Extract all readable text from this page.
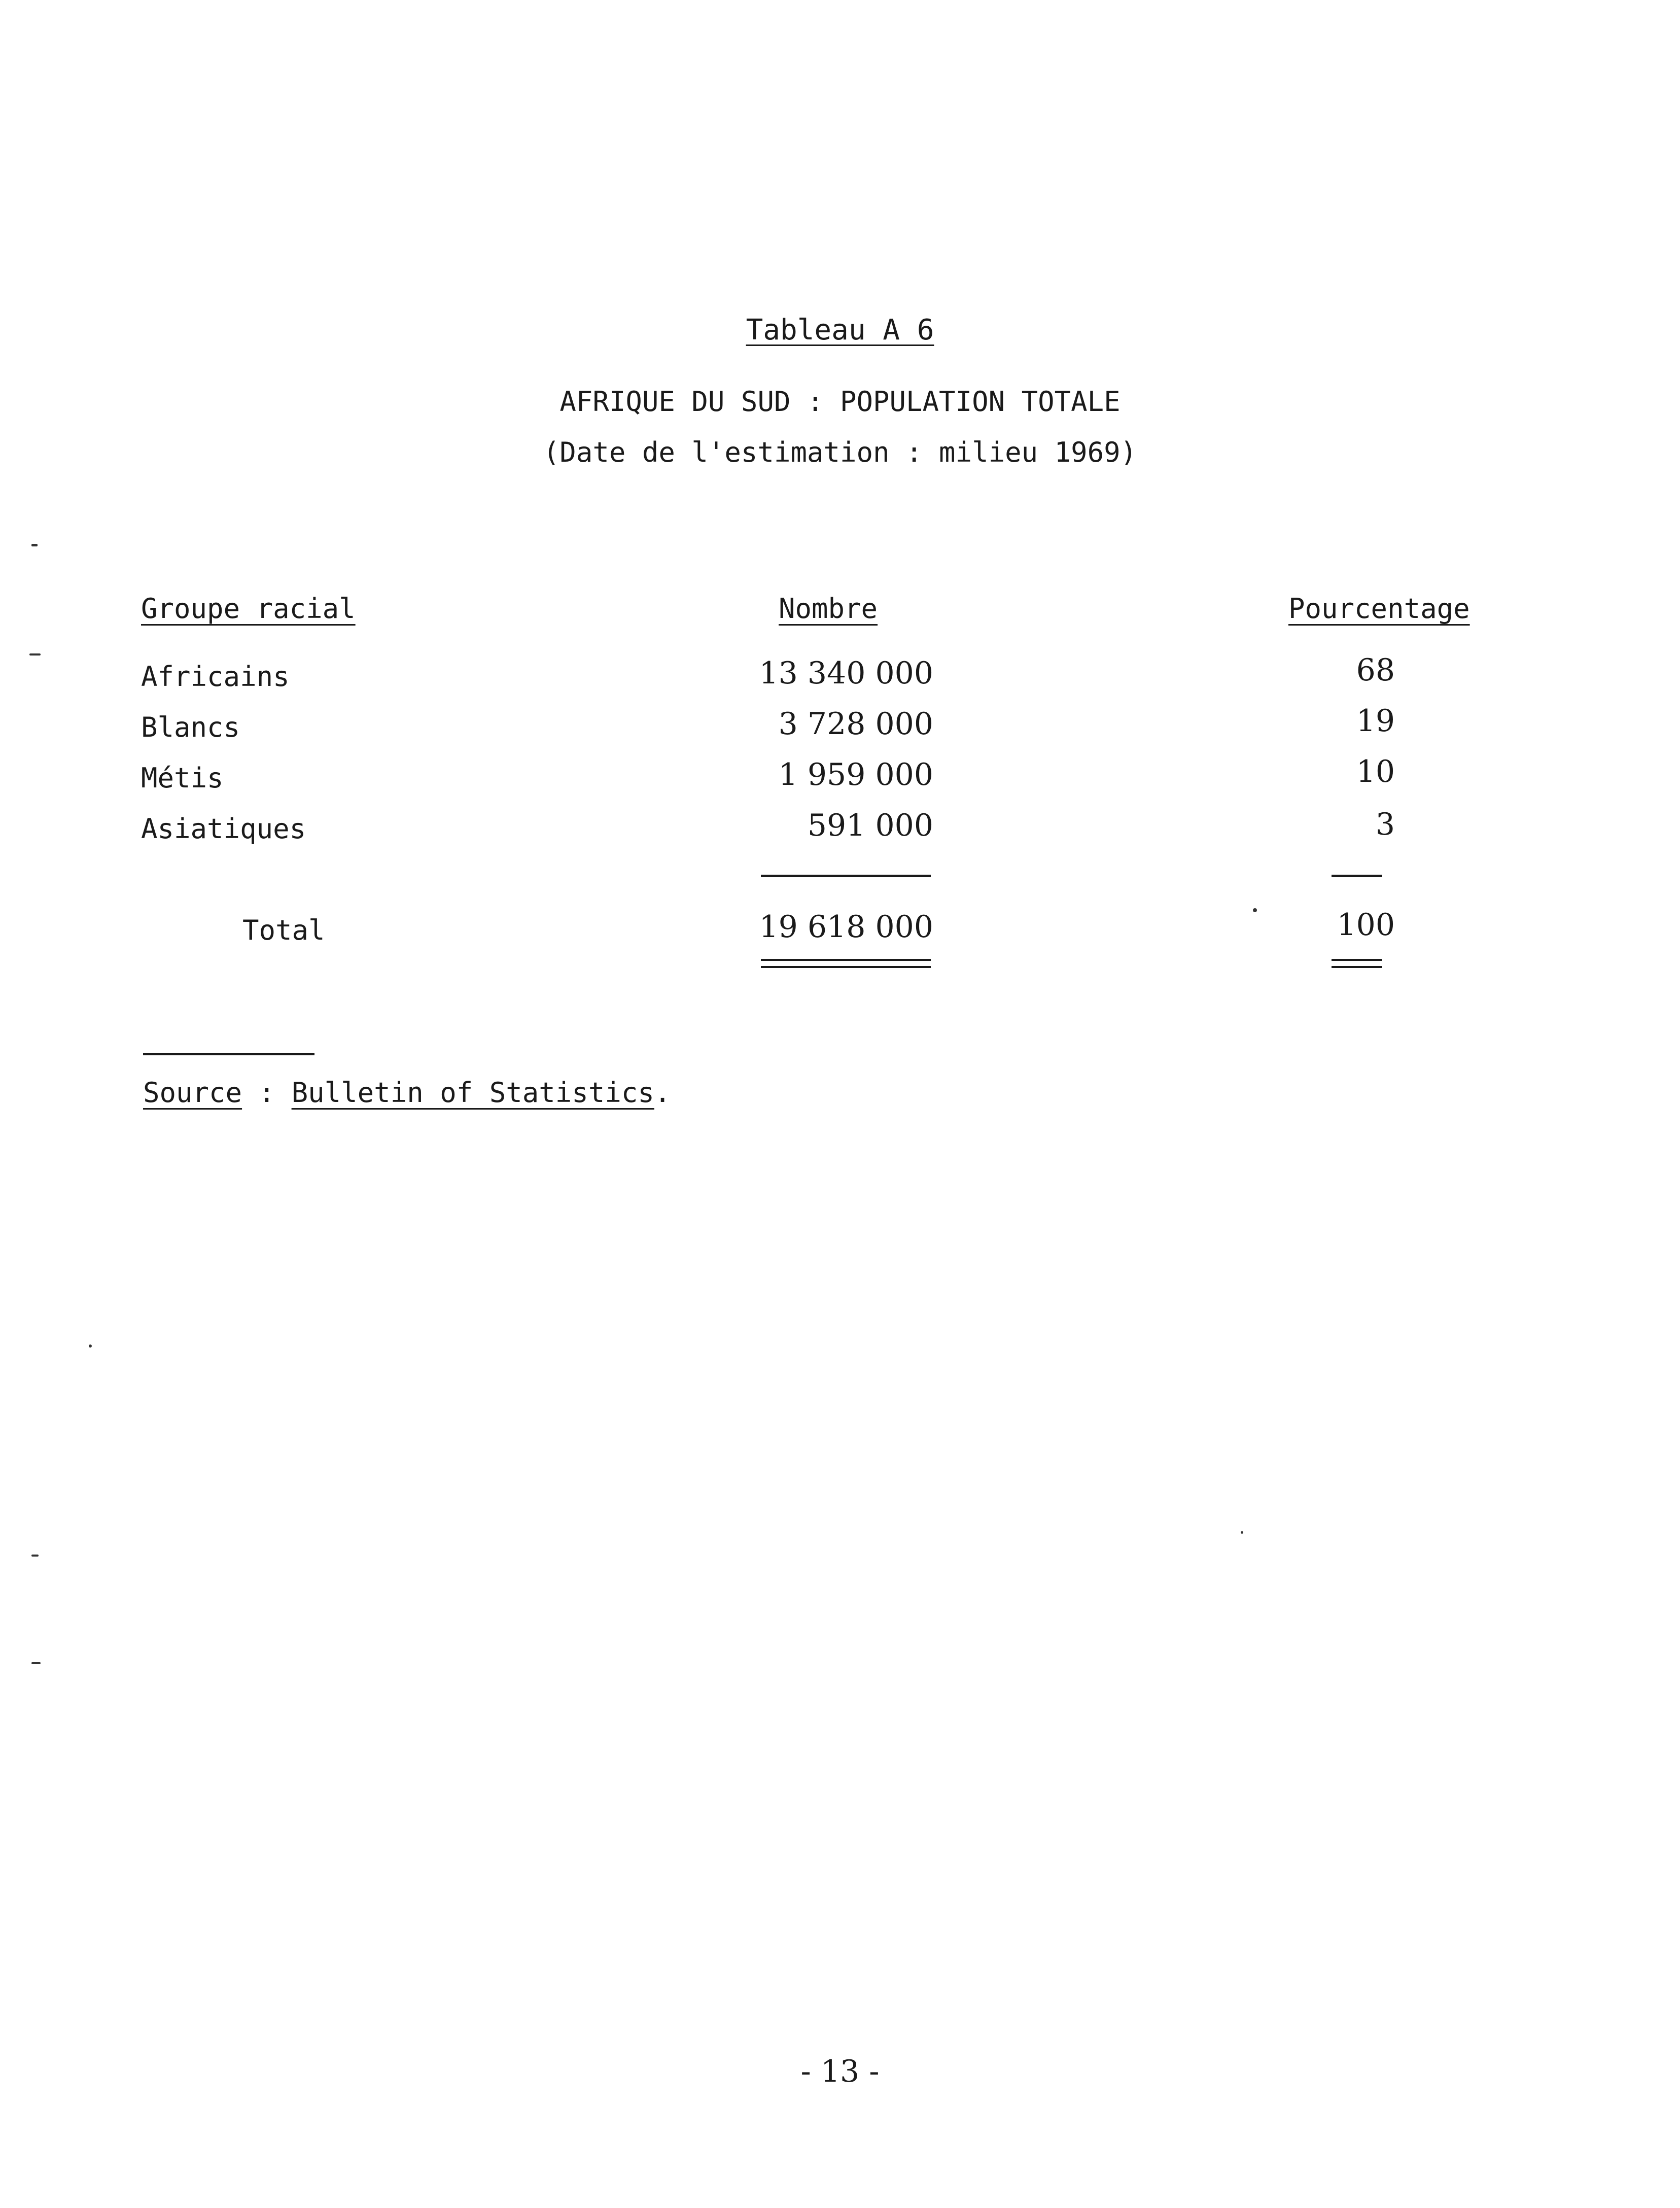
Tableau A 6
AFRIQUE DU SUD : POPULATION TOTALE
(Date de l'estimation : milieu 1969)
Groupe racial	Nombre	Pourcentage
Africains	13 340 000	68
Blancs	3 728 000	19
Métis	1 959 000	10
Asiatiques	591 000	3
Total	19 618 000	100
Source : Bulletin of Statistics.
- 13 -
